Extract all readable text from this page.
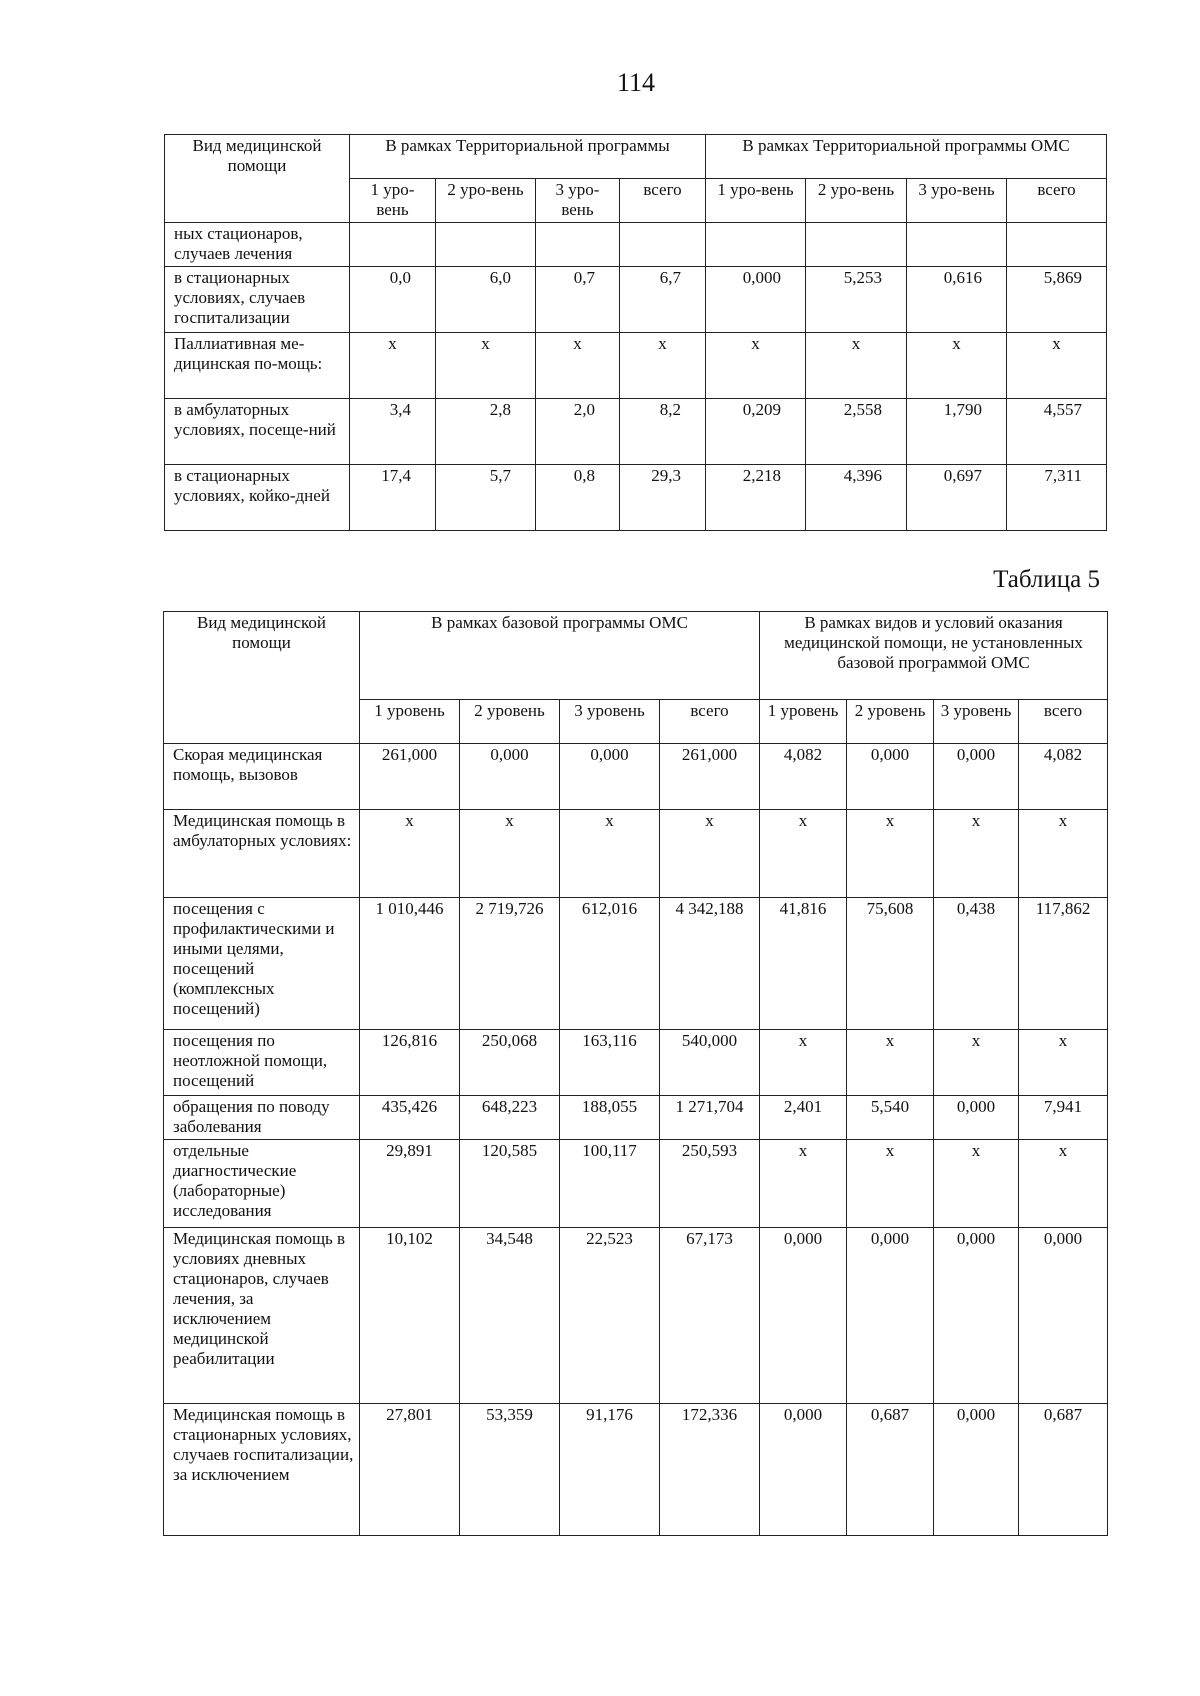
114
Вид медицинской помощи	В рамках Территориальной программы				В рамках Территориальной программы ОМС			
	1 уро-вень	2 уро-вень	3 уро-вень	всего	1 уро-вень	2 уро-вень	3 уро-вень	всего
ных стационаров, случаев лечения								
в стационарных условиях, случаев госпитализации	0,0	6,0	0,7	6,7	0,000	5,253	0,616	5,869
Паллиативная ме-дицинская по-мощь:	х	х	х	х	х	х	х	х
в амбулаторных условиях, посеще-ний	3,4	2,8	2,0	8,2	0,209	2,558	1,790	4,557
в стационарных условиях, койко-дней	17,4	5,7	0,8	29,3	2,218	4,396	0,697	7,311
Таблица 5
Вид медицинской помощи	В рамках базовой программы ОМС				В рамках видов и условий оказания медицинской помощи, не установленных базовой программой ОМС			
	1 уровень	2 уровень	3 уровень	всего	1 уровень	2 уровень	3 уровень	всего
Скорая медицинская помощь, вызовов	261,000	0,000	0,000	261,000	4,082	0,000	0,000	4,082
Медицинская помощь в амбулаторных условиях:	х	х	х	х	х	х	х	х
посещения с профилактическими и иными целями, посещений (комплексных посещений)	1 010,446	2 719,726	612,016	4 342,188	41,816	75,608	0,438	117,862
посещения по неотложной помощи, посещений	126,816	250,068	163,116	540,000	х	х	х	х
обращения по поводу заболевания	435,426	648,223	188,055	1 271,704	2,401	5,540	0,000	7,941
отдельные диагностические (лабораторные) исследования	29,891	120,585	100,117	250,593	х	х	х	х
Медицинская помощь в условиях дневных стационаров, случаев лечения, за исключением медицинской реабилитации	10,102	34,548	22,523	67,173	0,000	0,000	0,000	0,000
Медицинская помощь в стационарных условиях, случаев госпитализации, за исключением	27,801	53,359	91,176	172,336	0,000	0,687	0,000	0,687
